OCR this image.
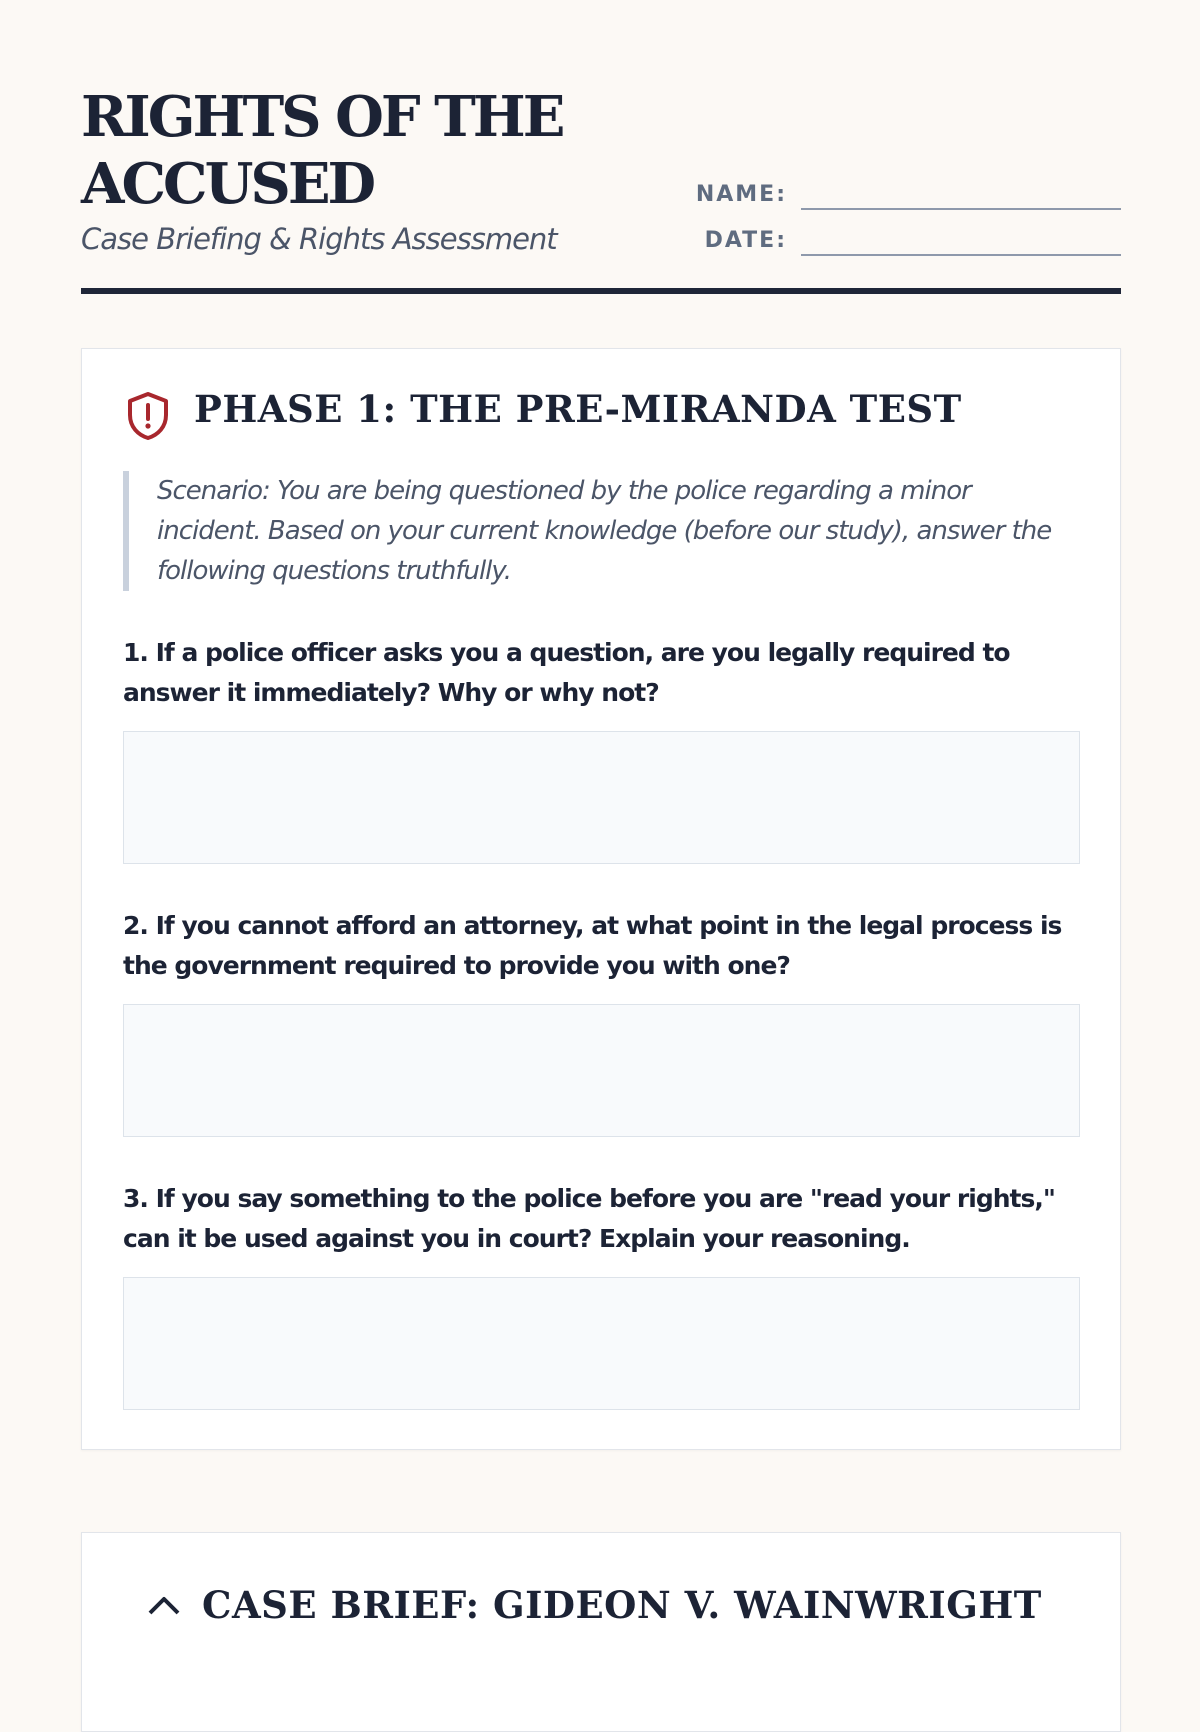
RIGHTS OF THE
ACCUSED
Case Briefing & Rights Assessment
NAME:
DATE:
PHASE 1: THE PRE-MIRANDA TEST
Scenario: You are being questioned by the police regarding a minor incident. Based on your current knowledge (before our study), answer the following questions truthfully.

1. If a police officer asks you a question, are you legally required to answer it immediately? Why or why not?

2. If you cannot afford an attorney, at what point in the legal process is the government required to provide you with one?

3. If you say something to the police before you are "read your rights," can it be used against you in court? Explain your reasoning.

CASE BRIEF: GIDEON V. WAINWRIGHT
